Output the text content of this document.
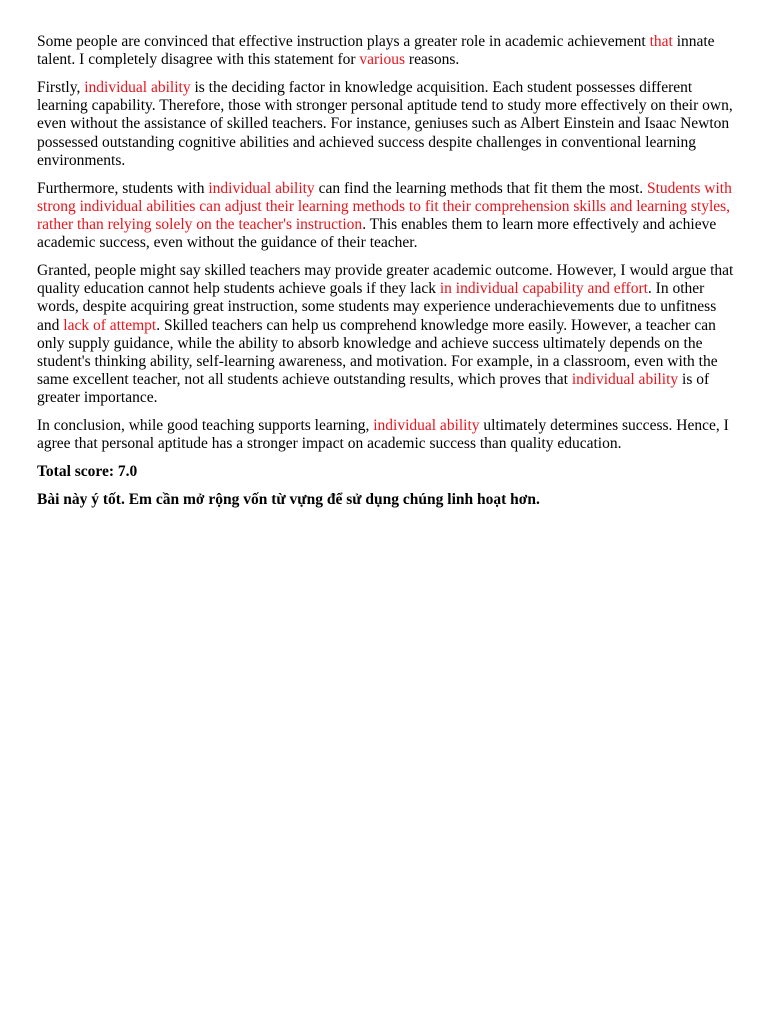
Some people are convinced that effective instruction plays a greater role in academic achievement that innate talent. I completely disagree with this statement for various reasons.

Firstly, individual ability is the deciding factor in knowledge acquisition. Each student possesses different learning capability. Therefore, those with stronger personal aptitude tend to study more effectively on their own, even without the assistance of skilled teachers. For instance, geniuses such as Albert Einstein and Isaac Newton possessed outstanding cognitive abilities and achieved success despite challenges in conventional learning environments.

Furthermore, students with individual ability can find the learning methods that fit them the most. Students with strong individual abilities can adjust their learning methods to fit their comprehension skills and learning styles, rather than relying solely on the teacher's instruction. This enables them to learn more effectively and achieve academic success, even without the guidance of their teacher.

Granted, people might say skilled teachers may provide greater academic outcome. However, I would argue that quality education cannot help students achieve goals if they lack in individual capability and effort. In other words, despite acquiring great instruction, some students may experience underachievements due to unfitness and lack of attempt. Skilled teachers can help us comprehend knowledge more easily. However, a teacher can only supply guidance, while the ability to absorb knowledge and achieve success ultimately depends on the student's thinking ability, self-learning awareness, and motivation. For example, in a classroom, even with the same excellent teacher, not all students achieve outstanding results, which proves that individual ability is of greater importance.

In conclusion, while good teaching supports learning, individual ability ultimately determines success. Hence, I agree that personal aptitude has a stronger impact on academic success than quality education.

Total score: 7.0

Bài này ý tốt. Em cần mở rộng vốn từ vựng để sử dụng chúng linh hoạt hơn.
